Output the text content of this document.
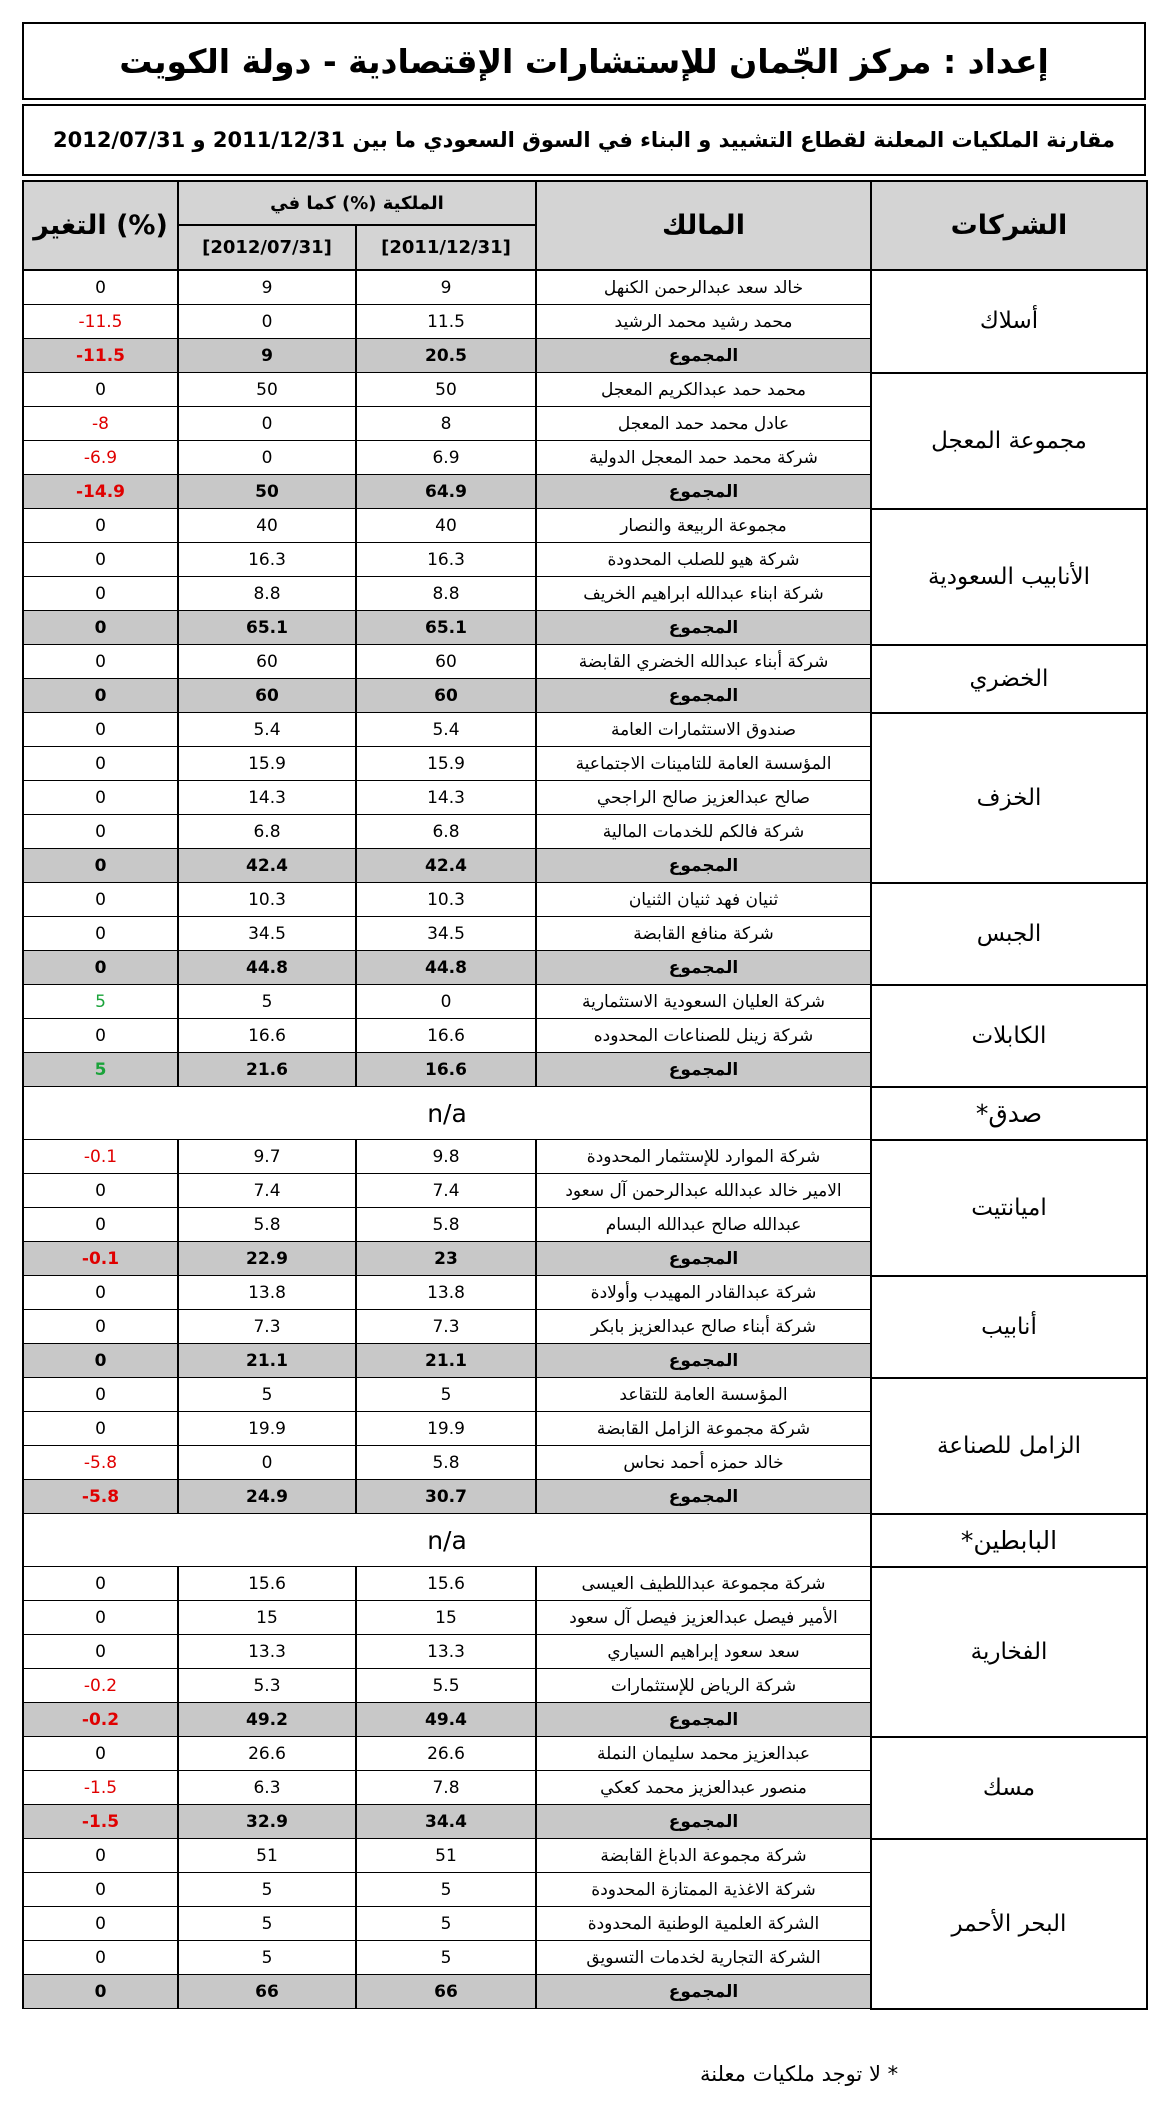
إعداد : مركز الجّمان للإستشارات الإقتصادية - دولة الكويت
مقارنة الملكيات المعلنة لقطاع التشييد و البناء في السوق السعودي ما بين 2011/12/31 و 2012/07/31
التغير (%)	الملكية (%) كما في		المالك	الشركات
	[2012/07/31]	[2011/12/31]		
0	9	9	خالد سعد عبدالرحمن الكنهل	أسلاك
-11.5	0	11.5	محمد رشيد محمد الرشيد	
-11.5	9	20.5	المجموع	
0	50	50	محمد حمد عبدالكريم المعجل	مجموعة المعجل
-8	0	8	عادل محمد حمد المعجل	
-6.9	0	6.9	شركة محمد حمد المعجل الدولية	
-14.9	50	64.9	المجموع	
0	40	40	مجموعة الربيعة والنصار	الأنابيب السعودية
0	16.3	16.3	شركة هيو للصلب المحدودة	
0	8.8	8.8	شركة ابناء عبدالله ابراهيم الخريف	
0	65.1	65.1	المجموع	
0	60	60	شركة أبناء عبدالله الخضري القابضة	الخضري
0	60	60	المجموع	
0	5.4	5.4	صندوق الاستثمارات العامة	الخزف
0	15.9	15.9	المؤسسة العامة للتامينات الاجتماعية	
0	14.3	14.3	صالح عبدالعزيز صالح الراجحي	
0	6.8	6.8	شركة فالكم للخدمات المالية	
0	42.4	42.4	المجموع	
0	10.3	10.3	ثنيان فهد ثنيان الثنيان	الجبس
0	34.5	34.5	شركة منافع القابضة	
0	44.8	44.8	المجموع	
5	5	0	شركة العليان السعودية الاستثمارية	الكابلات
0	16.6	16.6	شركة زينل للصناعات المحدوده	
5	21.6	16.6	المجموع	
n/a				صدق*
-0.1	9.7	9.8	شركة الموارد للإستثمار المحدودة	اميانتيت
0	7.4	7.4	الامير خالد عبدالله عبدالرحمن آل سعود	
0	5.8	5.8	عبدالله صالح عبدالله البسام	
-0.1	22.9	23	المجموع	
0	13.8	13.8	شركة عبدالقادر المهيدب وأولادة	أنابيب
0	7.3	7.3	شركة أبناء صالح عبدالعزيز بابكر	
0	21.1	21.1	المجموع	
0	5	5	المؤسسة العامة للتقاعد	الزامل للصناعة
0	19.9	19.9	شركة مجموعة الزامل القابضة	
-5.8	0	5.8	خالد حمزه أحمد نحاس	
-5.8	24.9	30.7	المجموع	
n/a				البابطين*
0	15.6	15.6	شركة مجموعة عبداللطيف العيسى	الفخارية
0	15	15	الأمير فيصل عبدالعزيز فيصل آل سعود	
0	13.3	13.3	سعد سعود إبراهيم السياري	
-0.2	5.3	5.5	شركة الرياض للإستثمارات	
-0.2	49.2	49.4	المجموع	
0	26.6	26.6	عبدالعزيز محمد سليمان النملة	مسك
-1.5	6.3	7.8	منصور عبدالعزيز محمد كعكي	
-1.5	32.9	34.4	المجموع	
0	51	51	شركة مجموعة الدباغ القابضة	البحر الأحمر
0	5	5	شركة الاغذية الممتازة المحدودة	
0	5	5	الشركة العلمية الوطنية المحدودة	
0	5	5	الشركة التجارية لخدمات التسويق	
0	66	66	المجموع	
* لا توجد ملكيات معلنة
